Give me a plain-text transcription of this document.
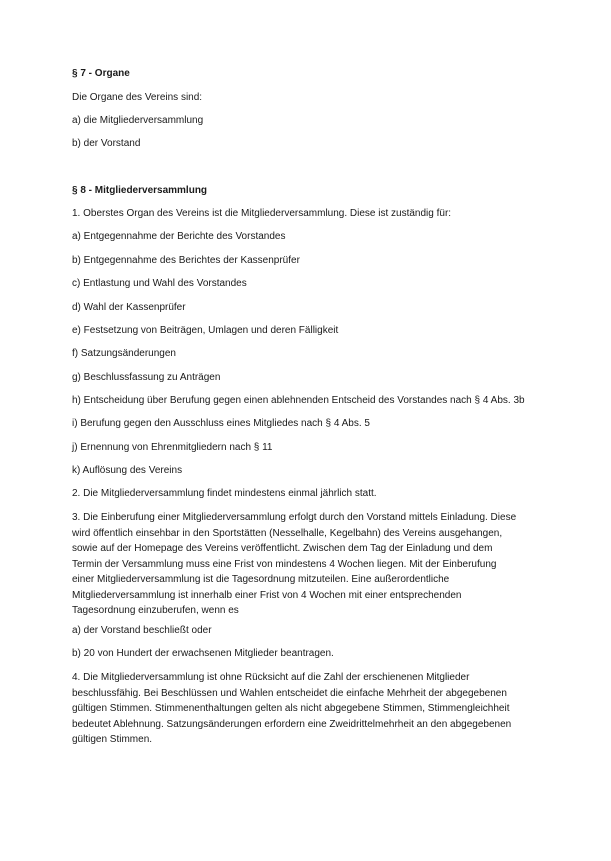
§ 7 - Organe
Die Organe des Vereins sind:
a) die Mitgliederversammlung
b) der Vorstand
§ 8 - Mitgliederversammlung
1. Oberstes Organ des Vereins ist die Mitgliederversammlung. Diese ist zuständig für:
a) Entgegennahme der Berichte des Vorstandes
b) Entgegennahme des Berichtes der Kassenprüfer
c) Entlastung und Wahl des Vorstandes
d) Wahl der Kassenprüfer
e) Festsetzung von Beiträgen, Umlagen und deren Fälligkeit
f) Satzungsänderungen
g) Beschlussfassung zu Anträgen
h) Entscheidung über Berufung gegen einen ablehnenden Entscheid des Vorstandes nach § 4 Abs. 3b
i) Berufung gegen den Ausschluss eines Mitgliedes nach § 4 Abs. 5
j) Ernennung von Ehrenmitgliedern nach § 11
k) Auflösung des Vereins
2. Die Mitgliederversammlung findet mindestens einmal jährlich statt.
3. Die Einberufung einer Mitgliederversammlung erfolgt durch den Vorstand mittels Einladung. Diese
wird öffentlich einsehbar in den Sportstätten (Nesselhalle, Kegelbahn) des Vereins ausgehangen,
sowie auf der Homepage des Vereins veröffentlicht. Zwischen dem Tag der Einladung und dem
Termin der Versammlung muss eine Frist von mindestens 4 Wochen liegen. Mit der Einberufung
einer Mitgliederversammlung ist die Tagesordnung mitzuteilen. Eine außerordentliche
Mitgliederversammlung ist innerhalb einer Frist von 4 Wochen mit einer entsprechenden
Tagesordnung einzuberufen, wenn es
a) der Vorstand beschließt oder
b) 20 von Hundert der erwachsenen Mitglieder beantragen.
4. Die Mitgliederversammlung ist ohne Rücksicht auf die Zahl der erschienenen Mitglieder
beschlussfähig. Bei Beschlüssen und Wahlen entscheidet die einfache Mehrheit der abgegebenen
gültigen Stimmen. Stimmenenthaltungen gelten als nicht abgegebene Stimmen, Stimmengleichheit
bedeutet Ablehnung. Satzungsänderungen erfordern eine Zweidrittelmehrheit an den abgegebenen
gültigen Stimmen.
